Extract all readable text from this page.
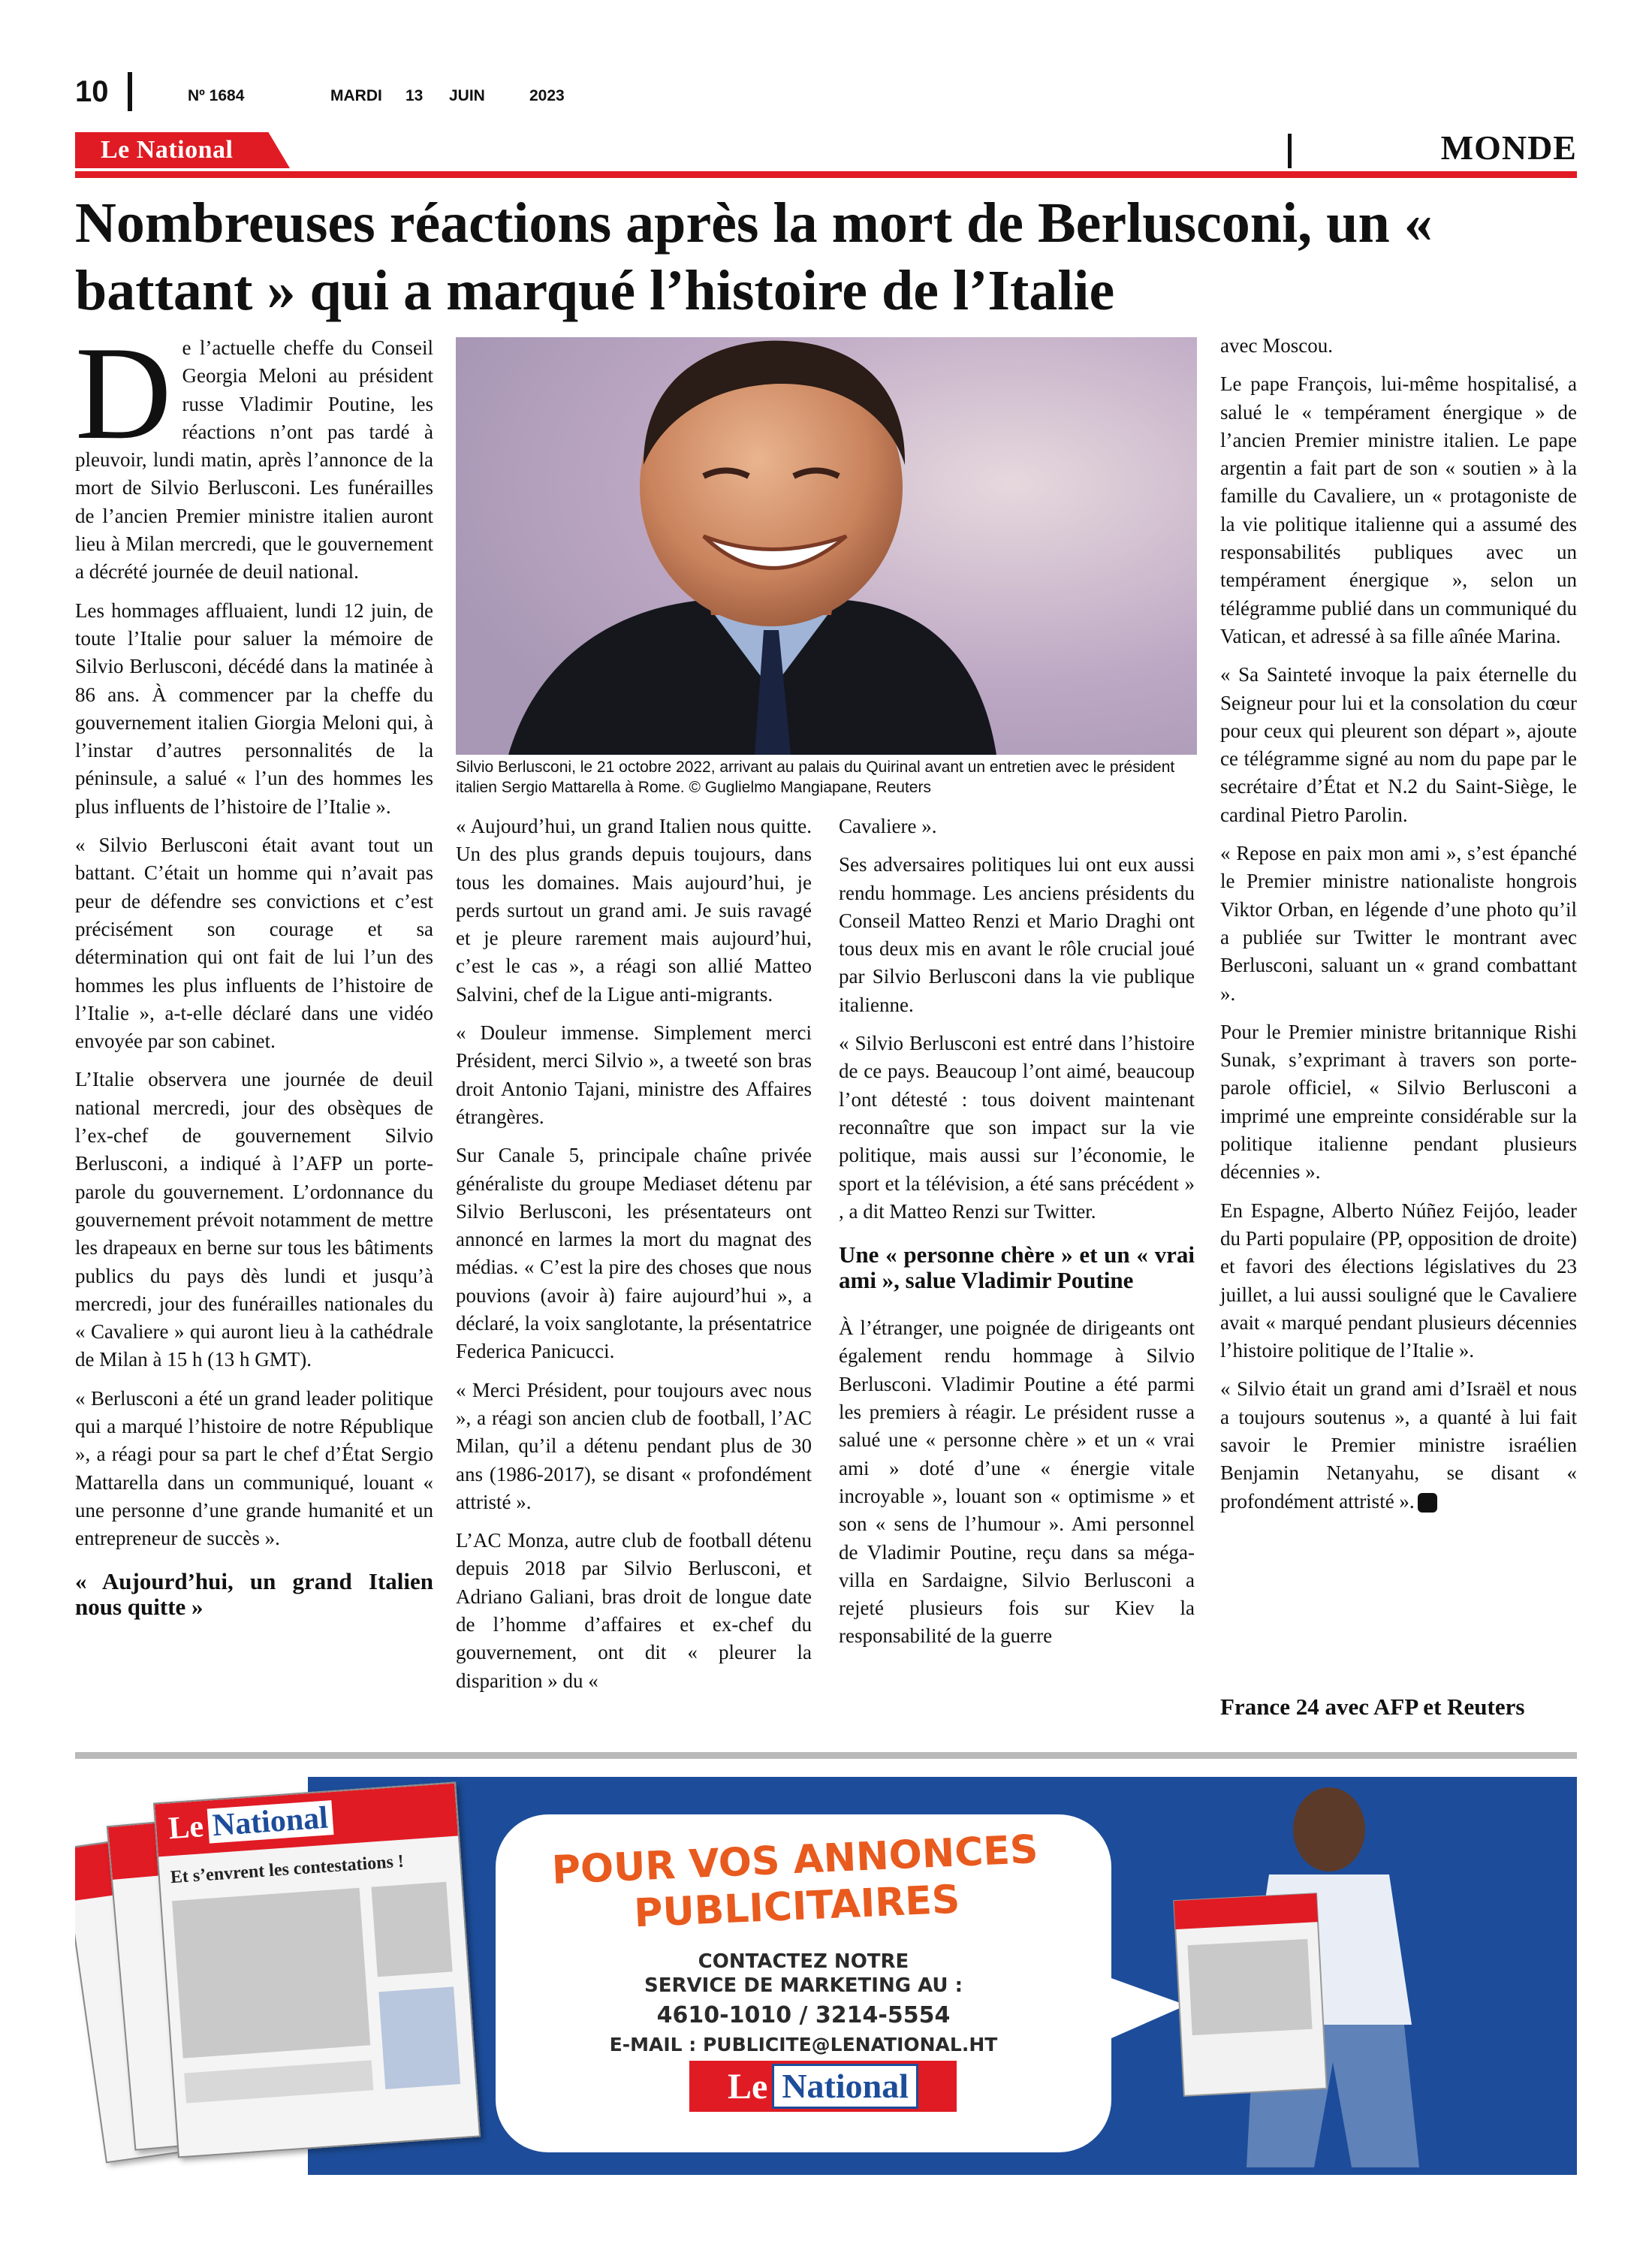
10	Nº 1684	MARDI 13 JUIN	2023
Le National	MONDE
Nombreuses réactions après la mort de Berlusconi, un « battant » qui a marqué l’histoire de l’Italie

De l’actuelle cheffe du Conseil Georgia Meloni au président russe Vladimir Poutine, les réactions n’ont pas tardé à pleuvoir, lundi matin, après l’annonce de la mort de Silvio Berlusconi. Les funérailles de l’ancien Premier ministre italien auront lieu à Milan mercredi, que le gouvernement a décrété journée de deuil national.

Les hommages affluaient, lundi 12 juin, de toute l’Italie pour saluer la mémoire de Silvio Berlusconi, décédé dans la matinée à 86 ans. À commencer par la cheffe du gouvernement italien Giorgia Meloni qui, à l’instar d’autres personnalités de la péninsule, a salué « l’un des hommes les plus influents de l’histoire de l’Italie ».

« Silvio Berlusconi était avant tout un battant. C’était un homme qui n’avait pas peur de défendre ses convictions et c’est précisément son courage et sa détermination qui ont fait de lui l’un des hommes les plus influents de l’histoire de l’Italie », a-t-elle déclaré dans une vidéo envoyée par son cabinet.

L’Italie observera une journée de deuil national mercredi, jour des obsèques de l’ex-chef de gouvernement Silvio Berlusconi, a indiqué à l’AFP un porte-parole du gouvernement. L’ordonnance du gouvernement prévoit notamment de mettre les drapeaux en berne sur tous les bâtiments publics du pays dès lundi et jusqu’à mercredi, jour des funérailles nationales du « Cavaliere » qui auront lieu à la cathédrale de Milan à 15 h (13 h GMT).

« Berlusconi a été un grand leader politique qui a marqué l’histoire de notre République », a réagi pour sa part le chef d’État Sergio Mattarella dans un communiqué, louant « une personne d’une grande humanité et un entrepreneur de succès ».

« Aujourd’hui, un grand Italien nous quitte »
Silvio Berlusconi, le 21 octobre 2022, arrivant au palais du Quirinal avant un entretien avec le président italien Sergio Mattarella à Rome. © Guglielmo Mangiapane, Reuters

« Aujourd’hui, un grand Italien nous quitte. Un des plus grands depuis toujours, dans tous les domaines. Mais aujourd’hui, je perds surtout un grand ami. Je suis ravagé et je pleure rarement mais aujourd’hui, c’est le cas », a réagi son allié Matteo Salvini, chef de la Ligue anti-migrants.

« Douleur immense. Simplement merci Président, merci Silvio », a tweeté son bras droit Antonio Tajani, ministre des Affaires étrangères.

Sur Canale 5, principale chaîne privée généraliste du groupe Mediaset détenu par Silvio Berlusconi, les présentateurs ont annoncé en larmes la mort du magnat des médias. « C’est la pire des choses que nous pouvions (avoir à) faire aujourd’hui », a déclaré, la voix sanglotante, la présentatrice Federica Panicucci.

« Merci Président, pour toujours avec nous », a réagi son ancien club de football, l’AC Milan, qu’il a détenu pendant plus de 30 ans (1986-2017), se disant « profondément attristé ».

L’AC Monza, autre club de football détenu depuis 2018 par Silvio Berlusconi, et Adriano Galiani, bras droit de longue date de l’homme d’affaires et ex-chef du gouvernement, ont dit « pleurer la disparition » du «

Cavaliere ».

Ses adversaires politiques lui ont eux aussi rendu hommage. Les anciens présidents du Conseil Matteo Renzi et Mario Draghi ont tous deux mis en avant le rôle crucial joué par Silvio Berlusconi dans la vie publique italienne.

« Silvio Berlusconi est entré dans l’histoire de ce pays. Beaucoup l’ont aimé, beaucoup l’ont détesté : tous doivent maintenant reconnaître que son impact sur la vie politique, mais aussi sur l’économie, le sport et la télévision, a été sans précédent » , a dit Matteo Renzi sur Twitter.

Une « personne chère » et un « vrai ami », salue Vladimir Poutine

À l’étranger, une poignée de dirigeants ont également rendu hommage à Silvio Berlusconi. Vladimir Poutine a été parmi les premiers à réagir. Le président russe a salué une « personne chère » et un « vrai ami » doté d’une « énergie vitale incroyable », louant son « optimisme » et son « sens de l’humour ». Ami personnel de Vladimir Poutine, reçu dans sa méga-villa en Sardaigne, Silvio Berlusconi a rejeté plusieurs fois sur Kiev la responsabilité de la guerre

avec Moscou.

Le pape François, lui-même hospitalisé, a salué le « tempérament énergique » de l’ancien Premier ministre italien. Le pape argentin a fait part de son « soutien » à la famille du Cavaliere, un « protagoniste de la vie politique italienne qui a assumé des responsabilités publiques avec un tempérament énergique », selon un télégramme publié dans un communiqué du Vatican, et adressé à sa fille aînée Marina.

« Sa Sainteté invoque la paix éternelle du Seigneur pour lui et la consolation du cœur pour ceux qui pleurent son départ », ajoute ce télégramme signé au nom du pape par le secrétaire d’État et N.2 du Saint-Siège, le cardinal Pietro Parolin.

« Repose en paix mon ami », s’est épanché le Premier ministre nationaliste hongrois Viktor Orban, en légende d’une photo qu’il a publiée sur Twitter le montrant avec Berlusconi, saluant un « grand combattant ».

Pour le Premier ministre britannique Rishi Sunak, s’exprimant à travers son porte-parole officiel, « Silvio Berlusconi a imprimé une empreinte considérable sur la politique italienne pendant plusieurs décennies ».

En Espagne, Alberto Núñez Feijóo, leader du Parti populaire (PP, opposition de droite) et favori des élections législatives du 23 juillet, a lui aussi souligné que le Cavaliere avait « marqué pendant plusieurs décennies l’histoire politique de l’Italie ».

« Silvio était un grand ami d’Israël et nous a toujours soutenus », a quanté à lui fait savoir le Premier ministre israélien Benjamin Netanyahu, se disant « profondément attristé ».

France 24 avec AFP et Reuters
Le National
Et s’envrent les contestations !	POUR VOS ANNONCES
PUBLICITAIRES
CONTACTEZ NOTRE
SERVICE DE MARKETING AU :
4610-1010 / 3214-5554
E-MAIL : PUBLICITE@LENATIONAL.HT
Le National
